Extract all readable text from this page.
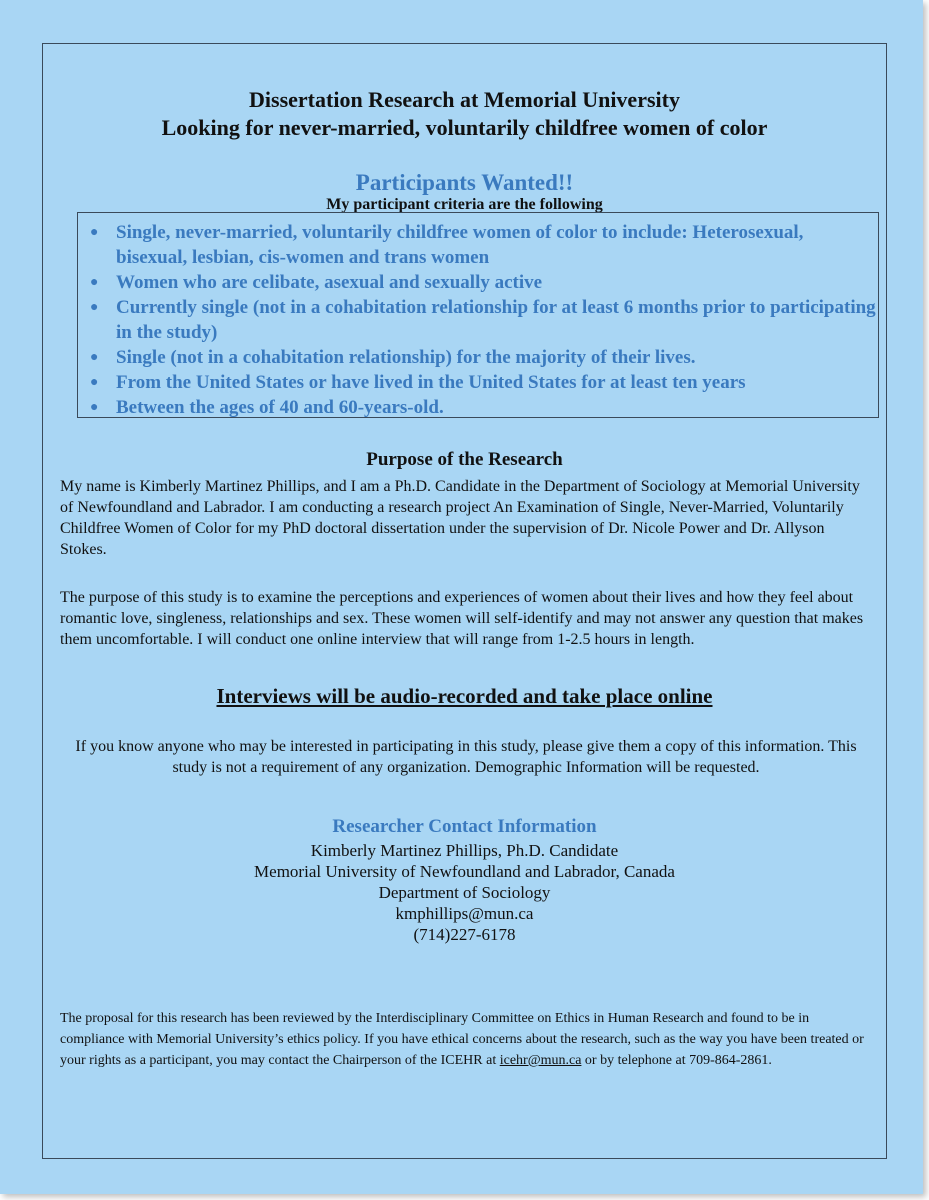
Dissertation Research at Memorial University
Looking for never-married, voluntarily childfree women of color
Participants Wanted!!
My participant criteria are the following
● Single, never-married, voluntarily childfree women of color to include: Heterosexual, bisexual, lesbian, cis-women and trans women
● Women who are celibate, asexual and sexually active
● Currently single (not in a cohabitation relationship for at least 6 months prior to participating in the study)
● Single (not in a cohabitation relationship) for the majority of their lives.
● From the United States or have lived in the United States for at least ten years
● Between the ages of 40 and 60-years-old.
Purpose of the Research

My name is Kimberly Martinez Phillips, and I am a Ph.D. Candidate in the Department of Sociology at Memorial University of Newfoundland and Labrador. I am conducting a research project An Examination of Single, Never-Married, Voluntarily Childfree Women of Color for my PhD doctoral dissertation under the supervision of Dr. Nicole Power and Dr. Allyson Stokes.

The purpose of this study is to examine the perceptions and experiences of women about their lives and how they feel about romantic love, singleness, relationships and sex. These women will self-identify and may not answer any question that makes them uncomfortable. I will conduct one online interview that will range from 1-2.5 hours in length.

Interviews will be audio-recorded and take place online

If you know anyone who may be interested in participating in this study, please give them a copy of this information. This study is not a requirement of any organization. Demographic Information will be requested.

Researcher Contact Information
Kimberly Martinez Phillips, Ph.D. Candidate
Memorial University of Newfoundland and Labrador, Canada
Department of Sociology
kmphillips@mun.ca
(714)227-6178

The proposal for this research has been reviewed by the Interdisciplinary Committee on Ethics in Human Research and found to be in compliance with Memorial University’s ethics policy. If you have ethical concerns about the research, such as the way you have been treated or your rights as a participant, you may contact the Chairperson of the ICEHR at icehr@mun.ca or by telephone at 709-864-2861.
